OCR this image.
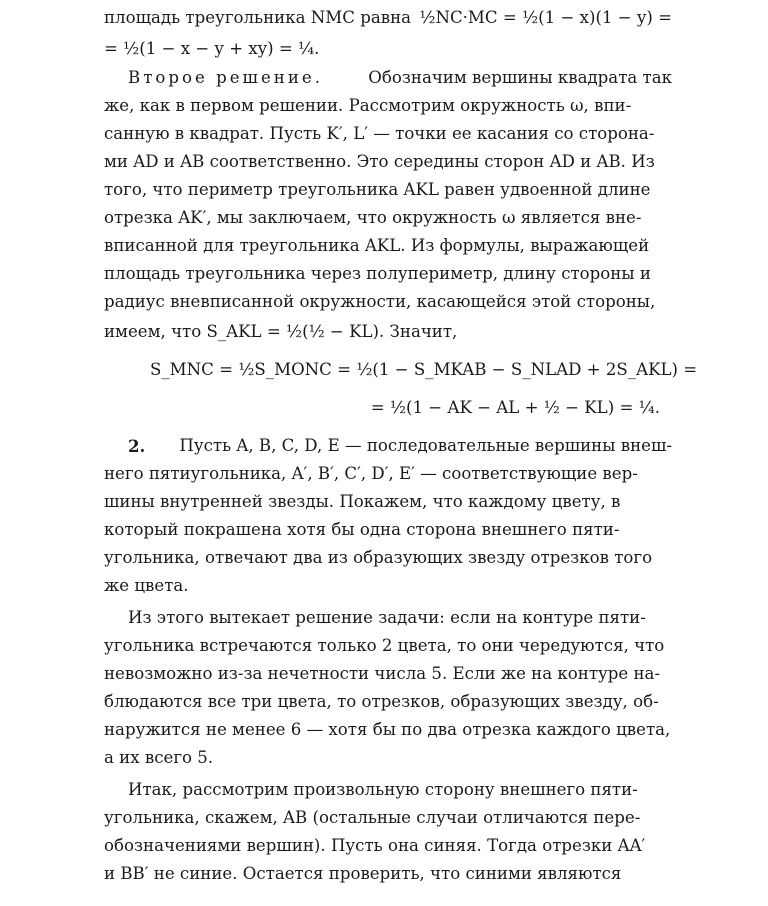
площадь треугольника NMC равна ½NC·MC = ½(1 − x)(1 − y) =
= ½(1 − x − y + xy) = ¼.
Второе решение.	Обозначим вершины квадрата так
же, как в первом решении. Рассмотрим окружность ω, впи-
санную в квадрат. Пусть K′, L′ — точки ее касания со сторона-
ми AD и AB соответственно. Это середины сторон AD и AB. Из
того, что периметр треугольника AKL равен удвоенной длине
отрезка AK′, мы заключаем, что окружность ω является вне-
вписанной для треугольника AKL. Из формулы, выражающей
площадь треугольника через полупериметр, длину стороны и
радиус вневписанной окружности, касающейся этой стороны,
имеем, что
S_AKL = ½(½ − KL). Значит,
S_MNC = ½S_MONC = ½(1 − S_MKAB − S_NLAD + 2S_AKL) =
= ½(1 − AK − AL + ½ − KL) = ¼.
2.
Пусть A, B, C, D, E — последовательные вершины внеш-
него пятиугольника, A′, B′, C′, D′, E′ — соответствующие вер-
шины внутренней звезды. Покажем, что каждому цвету, в
который покрашена хотя бы одна сторона внешнего пяти-
угольника, отвечают два из образующих звезду отрезков того
же цвета.
Из этого вытекает решение задачи: если на контуре пяти-
угольника встречаются только 2 цвета, то они чередуются, что
невозможно из-за нечетности числа 5. Если же на контуре на-
блюдаются все три цвета, то отрезков, образующих звезду, об-
наружится не менее 6 — хотя бы по два отрезка каждого цвета,
а их всего 5.
Итак, рассмотрим произвольную сторону внешнего пяти-
угольника, скажем, AB (остальные случаи отличаются пере-
обозначениями вершин). Пусть она синяя. Тогда отрезки AA′
и BB′ не синие. Остается проверить, что синими являются
